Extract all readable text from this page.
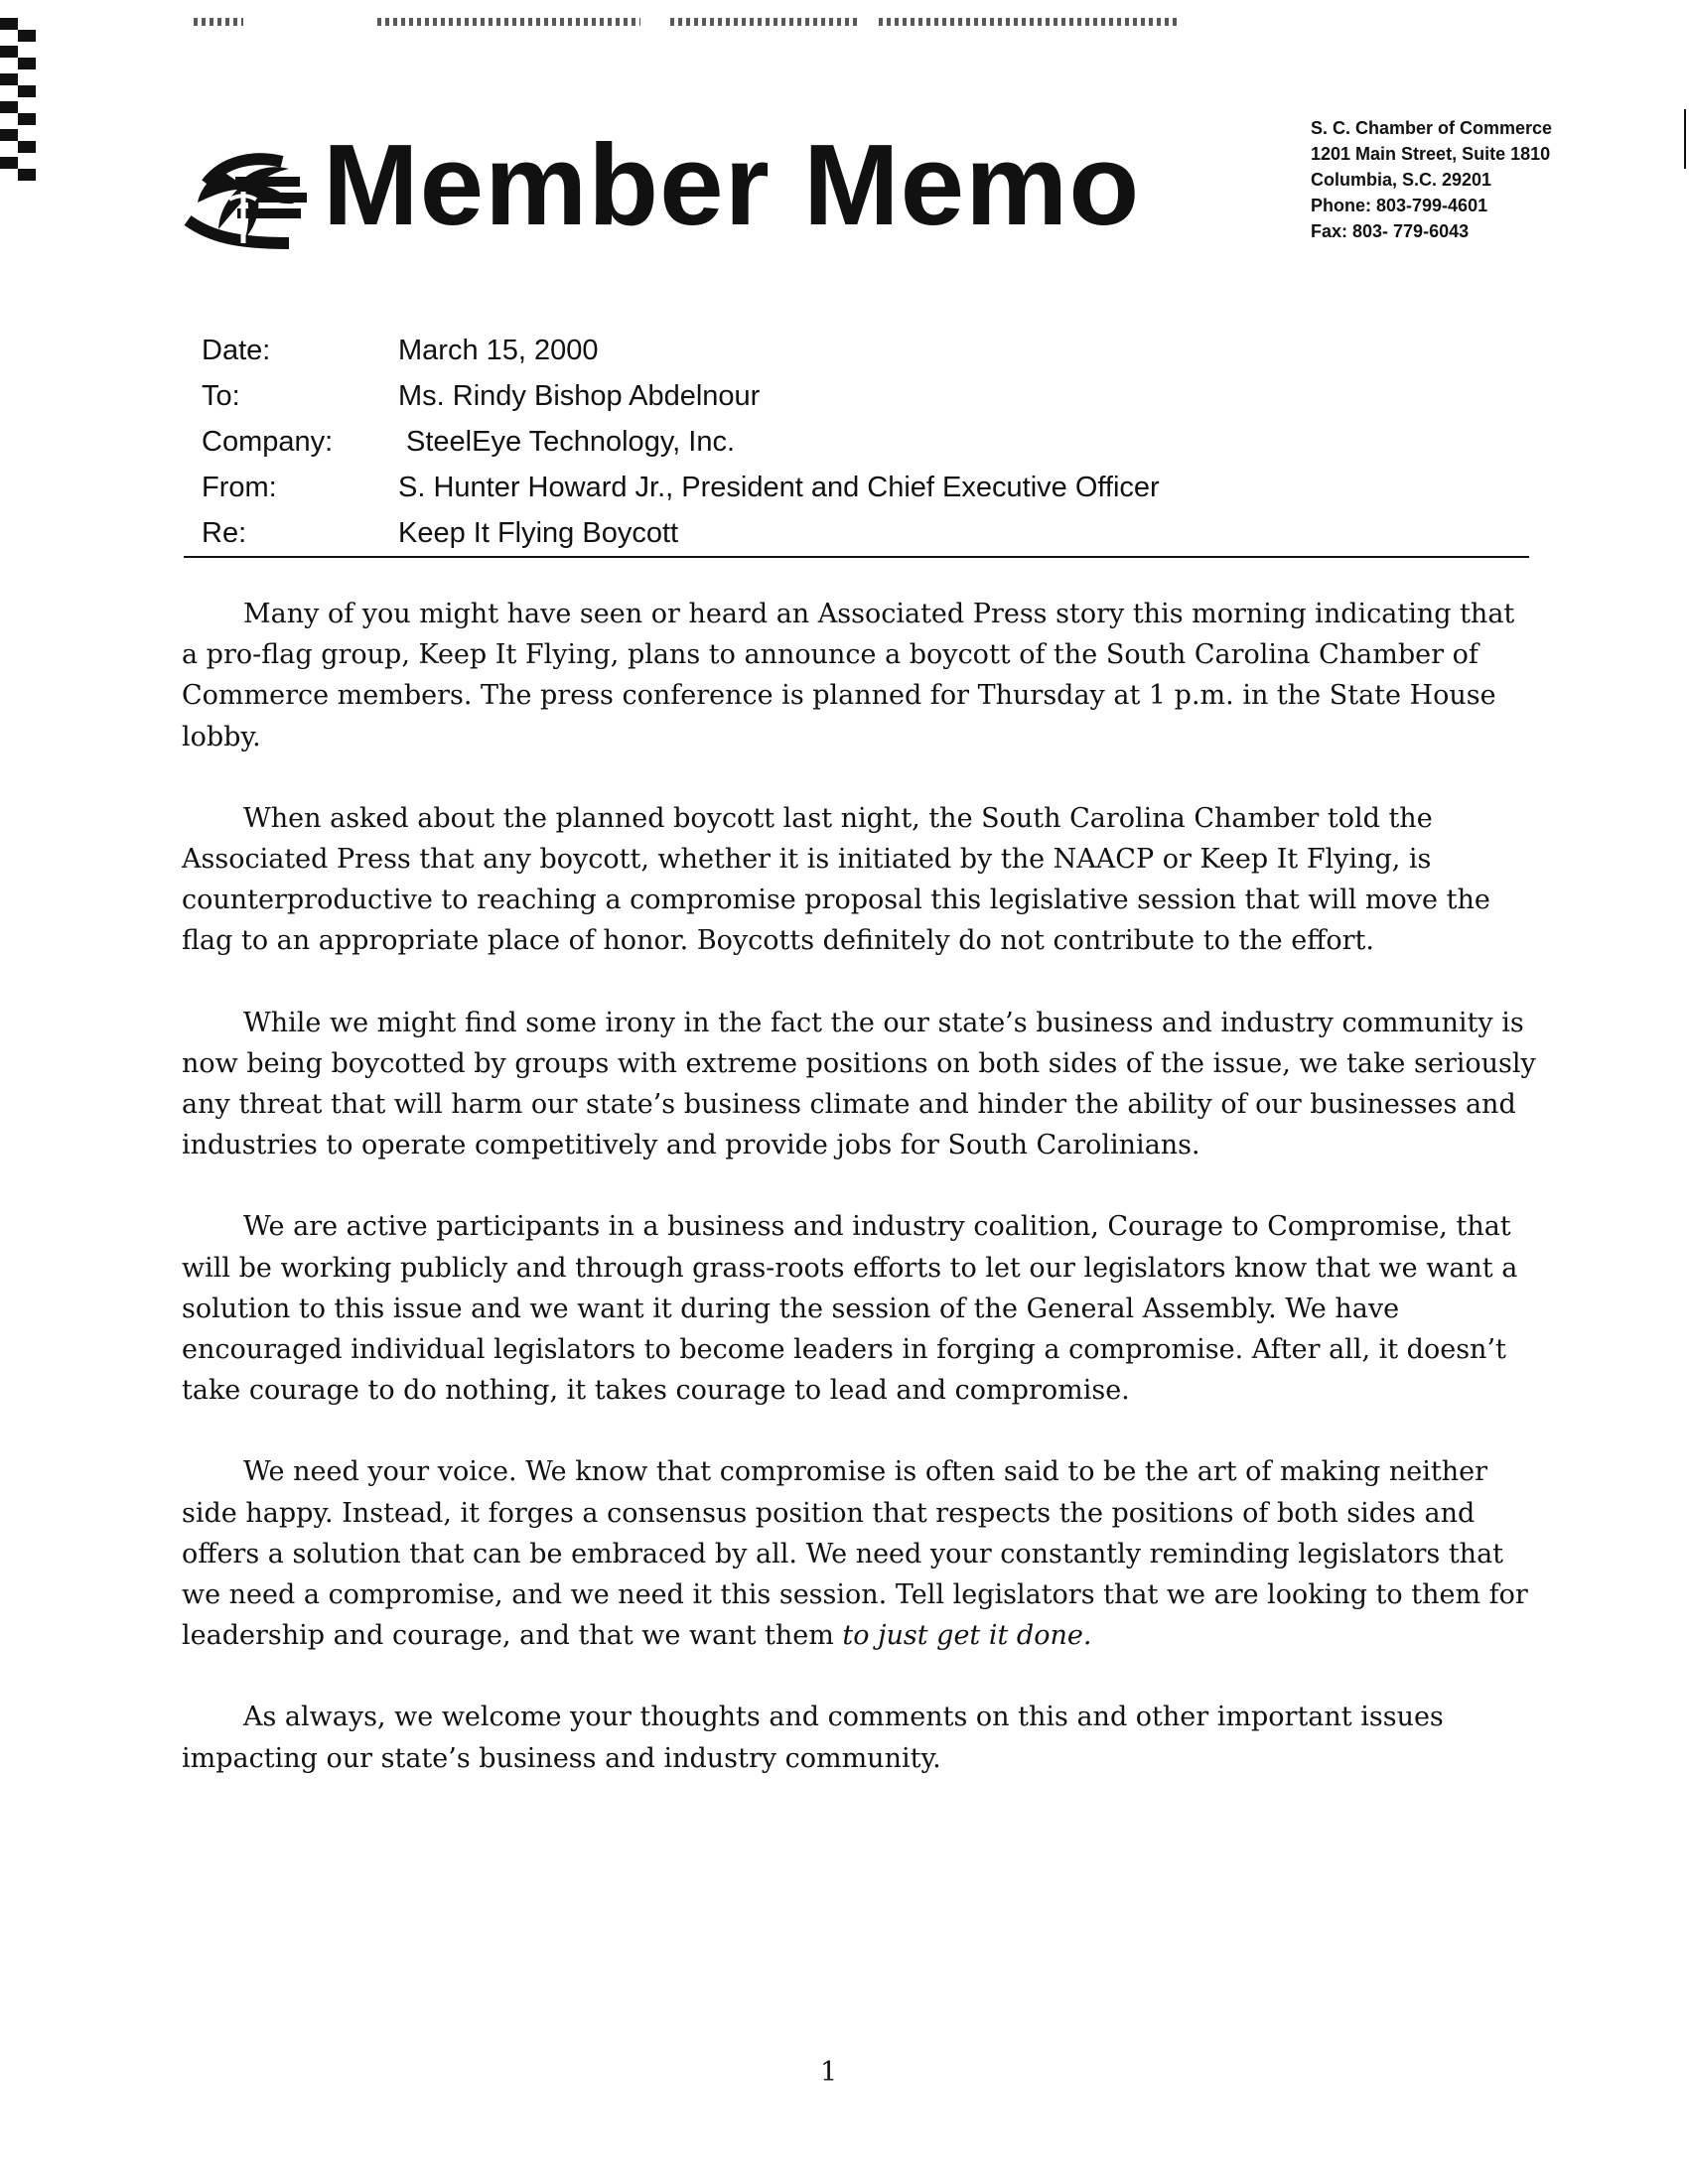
Member Memo	S. C. Chamber of Commerce
1201 Main Street, Suite 1810
Columbia, S.C. 29201
Phone: 803-799-4601
Fax: 803- 779-6043
Date:	March 15, 2000
To:	Ms. Rindy Bishop Abdelnour
Company:	SteelEye Technology, Inc.
From:	S. Hunter Howard Jr., President and Chief Executive Officer
Re:	Keep It Flying Boycott

Many of you might have seen or heard an Associated Press story this morning indicating that a pro-flag group, Keep It Flying, plans to announce a boycott of the South Carolina Chamber of Commerce members. The press conference is planned for Thursday at 1 p.m. in the State House lobby.

When asked about the planned boycott last night, the South Carolina Chamber told the Associated Press that any boycott, whether it is initiated by the NAACP or Keep It Flying, is counterproductive to reaching a compromise proposal this legislative session that will move the flag to an appropriate place of honor. Boycotts definitely do not contribute to the effort.

While we might find some irony in the fact the our state’s business and industry community is now being boycotted by groups with extreme positions on both sides of the issue, we take seriously any threat that will harm our state’s business climate and hinder the ability of our businesses and industries to operate competitively and provide jobs for South Carolinians.

We are active participants in a business and industry coalition, Courage to Compromise, that will be working publicly and through grass-roots efforts to let our legislators know that we want a solution to this issue and we want it during the session of the General Assembly. We have encouraged individual legislators to become leaders in forging a compromise. After all, it doesn’t take courage to do nothing, it takes courage to lead and compromise.

We need your voice. We know that compromise is often said to be the art of making neither side happy. Instead, it forges a consensus position that respects the positions of both sides and offers a solution that can be embraced by all. We need your constantly reminding legislators that we need a compromise, and we need it this session. Tell legislators that we are looking to them for leadership and courage, and that we want them to just get it done.

As always, we welcome your thoughts and comments on this and other important issues impacting our state’s business and industry community.

1
